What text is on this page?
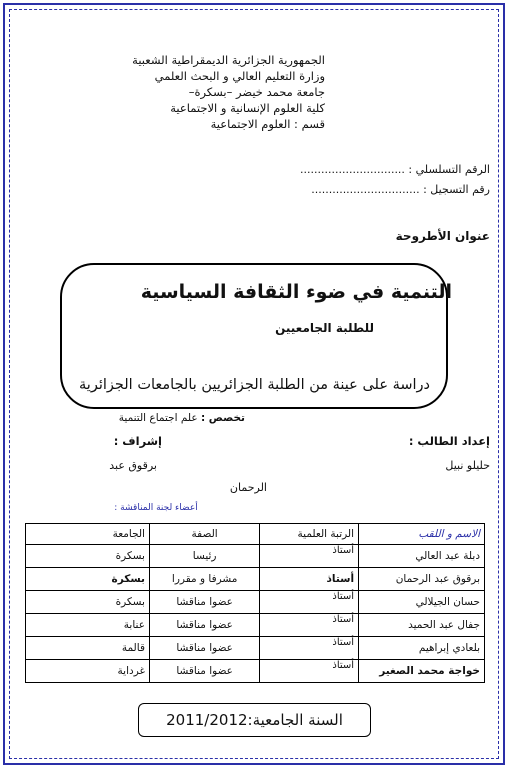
الجمهورية الجزائرية الديمقراطية الشعبية
وزارة التعليم العالي و البحث العلمي
جامعة محمد خيضر –بسكرة–
كلية العلوم الإنسانية و الاجتماعية
قسم : العلوم الاجتماعية
الرقم التسلسلي : ..............................
رقم التسجيل : ...............................
عنوان الأطروحة
التنمية في ضوء الثقافة السياسية
للطلبة الجامعيين
دراسة على عينة من الطلبة الجزائريين بالجامعات الجزائرية
تخصص : علم اجتماع التنمية
إعداد الطالب :
حليلو نبيل
إشراف :
برقوق عبد
الرحمان
أعضاء لجنة المناقشة :
الاسم و اللقب	الرتبة العلمية	الصفة	الجامعة
دبلة عبد العالي	أستاذ	رئيسا	بسكرة
برقوق عبد الرحمان	أستاذ	مشرفا و مقررا	بسكرة
حسان الجيلالي	أستاذ	عضوا مناقشا	بسكرة
جفال عبد الحميد	أستاذ	عضوا مناقشا	عنابة
بلعادي إبراهيم	أستاذ	عضوا مناقشا	قالمة
خواجة محمد الصغير	أستاذ	عضوا مناقشا	غرداية
السنة الجامعية:2011/2012
